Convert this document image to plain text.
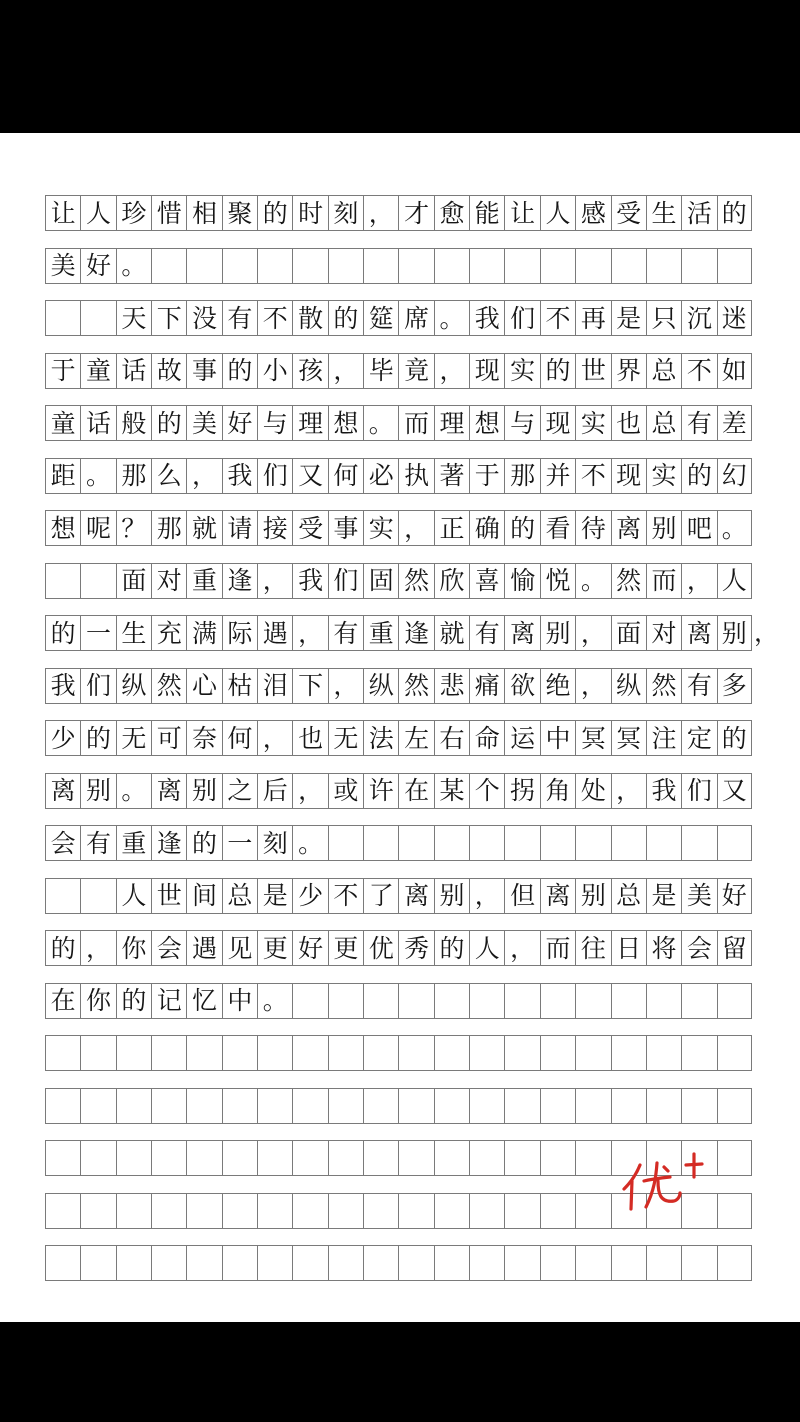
让 人 珍 惜 相 聚 的 时 刻 ， 才 愈 能 让 人 感 受 生 活 的
美 好 。
天 下 没 有 不 散 的 筵 席 。 我 们 不 再 是 只 沉 迷
于 童 话 故 事 的 小 孩 ， 毕 竟 ， 现 实 的 世 界 总 不 如
童 话 般 的 美 好 与 理 想 。 而 理 想 与 现 实 也 总 有 差
距 。 那 么 ， 我 们 又 何 必 执 著 于 那 并 不 现 实 的 幻
想 呢 ？ 那 就 请 接 受 事 实 ， 正 确 的 看 待 离 别 吧 。
面 对 重 逢 ， 我 们 固 然 欣 喜 愉 悦 。 然 而 ， 人
的 一 生 充 满 际 遇 ， 有 重 逢 就 有 离 别 ， 面 对 离 别
我 们 纵 然 心 枯 泪 下 ， 纵 然 悲 痛 欲 绝 ， 纵 然 有 多
少 的 无 可 奈 何 ， 也 无 法 左 右 命 运 中 冥 冥 注 定 的
离 别 。 离 别 之 后 ， 或 许 在 某 个 拐 角 处 ， 我 们 又
会 有 重 逢 的 一 刻 。
人 世 间 总 是 少 不 了 离 别 ， 但 离 别 总 是 美 好
的 ， 你 会 遇 见 更 好 更 优 秀 的 人 ， 而 往 日 将 会 留
在 你 的 记 忆 中 。
，
